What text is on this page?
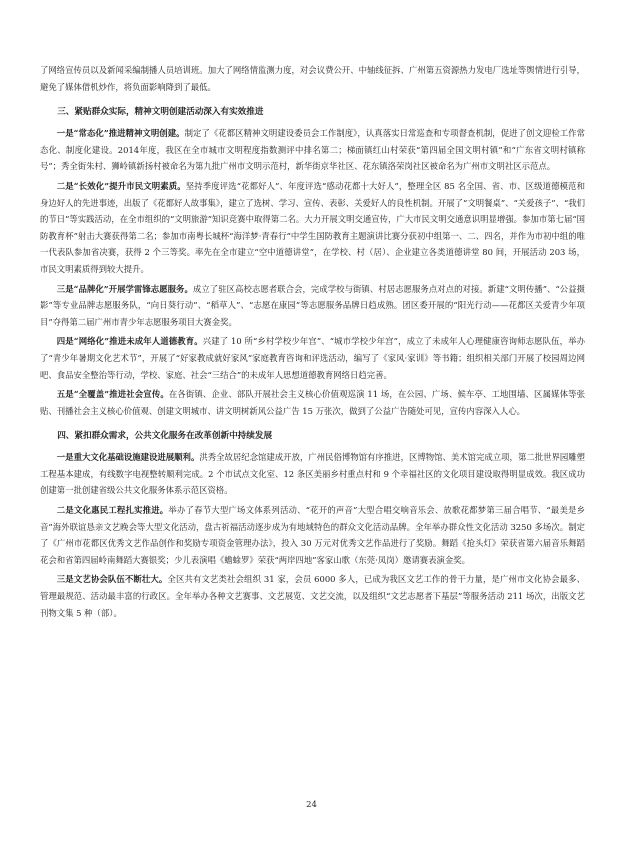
了网络宣传员以及新闻采编制播人员培训班。加大了网络情监测力度，对会议费公开、中轴线征拆、广州第五资源热力发电厂选址等舆情进行引导，避免了媒体借机炒作，将负面影响降到了最低。

三、紧贴群众实际，精神文明创建活动深入有实效推进

一是“常态化”推进精神文明创建。制定了《花都区精神文明建设委员会工作制度》，认真落实日常巡查和专项督查机制，促进了创文迎检工作常态化、制度化建设。2014年度，我区在全市城市文明程度指数测评中排名第二；梯面镇红山村荣获“第四届全国文明村镇”和“广东省文明村镇称号”；秀全街朱村、狮岭镇新扬村被命名为第九批广州市文明示范村，新华街京华社区、花东镇洛荣岗社区被命名为广州市文明社区示范点。

二是“长效化”提升市民文明素质。坚持季度评选“花都好人”、年度评选“感动花都十大好人”，整理全区 85 名全国、省、市、区级道德模范和身边好人的先进事迹，出版了《花都好人故事集》，建立了选树、学习、宣传、表彰、关爱好人的良性机制。开展了“文明餐桌”、“关爱孩子”、“我们的节日”等实践活动，在全市组织的“文明旅游”知识竞赛中取得第二名。大力开展文明交通宣传，广大市民文明交通意识明显增强。参加市第七届“国防教育杯”射击大赛获得第二名；参加市南粤长城杯“海洋梦·青春行”中学生国防教育主题演讲比赛分获初中组第一、二、四名，并作为市初中组的唯一代表队参加省决赛，获得 2 个三等奖。率先在全市建立“空中道德讲堂”，在学校、村（居）、企业建立各类道德讲堂 80 间，开展活动 203 场，市民文明素质得到较大提升。

三是“品牌化”开展学雷锋志愿服务。成立了驻区高校志愿者联合会，完成学校与街镇、村居志愿服务点对点的对接。新建“文明传播”、“公益摄影”等专业品牌志愿服务队，“向日葵行动”、“稻草人”、“志愿在康园”等志愿服务品牌日趋成熟。团区委开展的“阳光行动——花都区关爱青少年项目”夺得第二届广州市青少年志愿服务项目大赛金奖。

四是“网络化”推进未成年人道德教育。兴建了 10 所“乡村学校少年宫”、“城市学校少年宫”，成立了未成年人心理健康咨询师志愿队伍，举办了“青少年暑期文化艺术节”，开展了“好家教成就好家风”家庭教育咨询和评选活动，编写了《家风·家训》等书籍；组织相关部门开展了校园周边网吧、食品安全整治等行动，学校、家庭、社会“三结合”的未成年人思想道德教育网络日趋完善。

五是“全覆盖”推进社会宣传。在各街镇、企业、部队开展社会主义核心价值观巡演 11 场，在公园、广场、候车亭、工地围墙、区属媒体等张贴、刊播社会主义核心价值观、创建文明城市、讲文明树新风公益广告 15 万张次，做到了公益广告随处可见，宣传内容深入人心。

四、紧扣群众需求，公共文化服务在改革创新中持续发展

一是重大文化基础设施建设进展顺利。洪秀全故居纪念馆建成开放，广州民俗博物馆有序推进，区博物馆、美术馆完成立项，第二批世界园雕塑工程基本建成，有线数字电视整转顺利完成。2 个市试点文化室、12 条区美丽乡村重点村和 9 个幸福社区的文化项目建设取得明显成效。我区成功创建第一批创建省级公共文化服务体系示范区资格。

二是文化惠民工程扎实推进。举办了春节大型广场文体系列活动、“花开的声音”大型合唱交响音乐会、放歌花都梦第三届合唱节、“最美是乡音”海外联谊恳亲文艺晚会等大型文化活动，盘古祈福活动逐步成为有地域特色的群众文化活动品牌。全年举办群众性文化活动 3250 多场次。制定了《广州市花都区优秀文艺作品创作和奖励专项资金管理办法》，投入 30 万元对优秀文艺作品进行了奖励。舞蹈《抢头灯》荣获省第六届音乐舞蹈花会和省第四届岭南舞蹈大赛银奖；少儿表演唱《蟾蜍罗》荣获“两岸四地”客家山歌（东莞·凤岗）邀请赛表演金奖。

三是文艺协会队伍不断壮大。全区共有文艺类社会组织 31 家，会员 6000 多人，已成为我区文艺工作的骨干力量，是广州市文化协会最多、管理最规范、活动最丰富的行政区。全年举办各种文艺赛事、文艺展览、文艺交流，以及组织“文艺志愿者下基层”等服务活动 211 场次，出版文艺刊物文集 5 种（部）。

24
